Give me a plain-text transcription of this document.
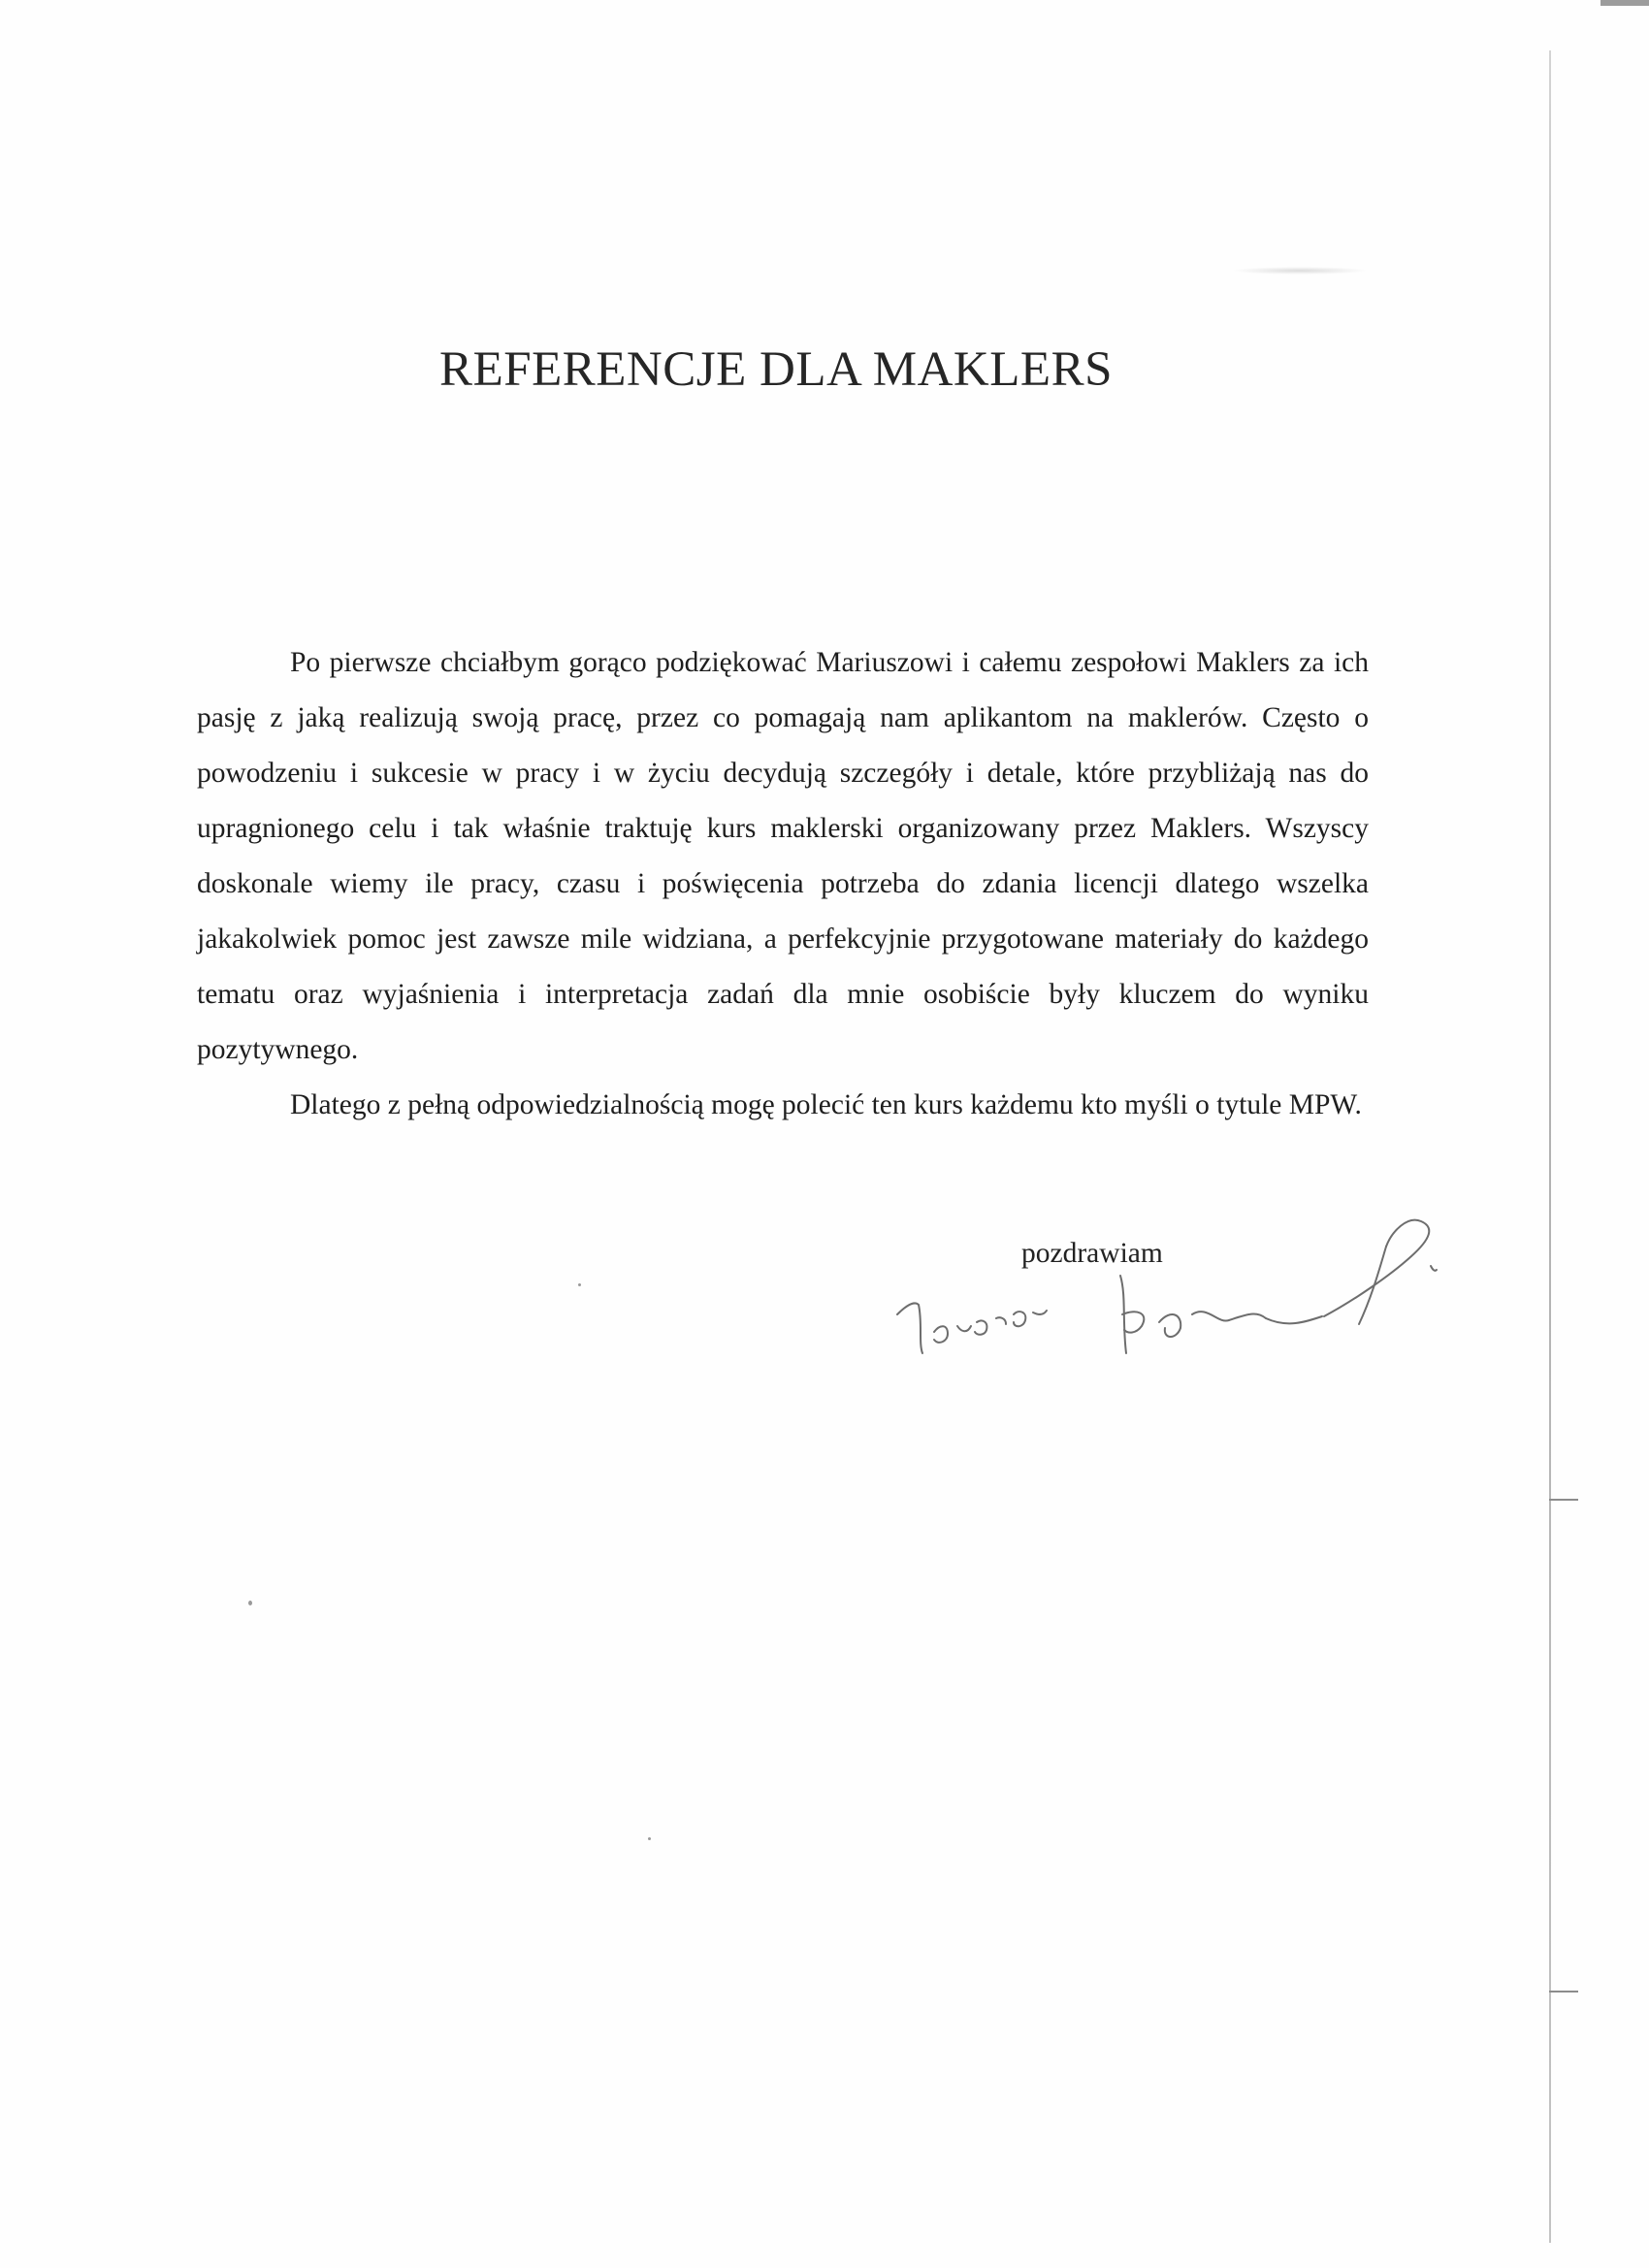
REFERENCJE DLA MAKLERS

Po pierwsze chciałbym gorąco podziękować Mariuszowi i całemu zespołowi Maklers za ich pasję z jaką realizują swoją pracę, przez co pomagają nam aplikantom na maklerów. Często o powodzeniu i sukcesie w pracy i w życiu decydują szczegóły i detale, które przybliżają nas do upragnionego celu i tak właśnie traktuję kurs maklerski organizowany przez Maklers. Wszyscy doskonale wiemy ile pracy, czasu i poświęcenia potrzeba do zdania licencji dlatego wszelka jakakolwiek pomoc jest zawsze mile widziana, a perfekcyjnie przygotowane materiały do każdego tematu oraz wyjaśnienia i interpretacja zadań dla mnie osobiście były kluczem do wyniku pozytywnego.

Dlatego z pełną odpowiedzialnością mogę polecić ten kurs każdemu kto myśli o tytule MPW.

pozdrawiam
